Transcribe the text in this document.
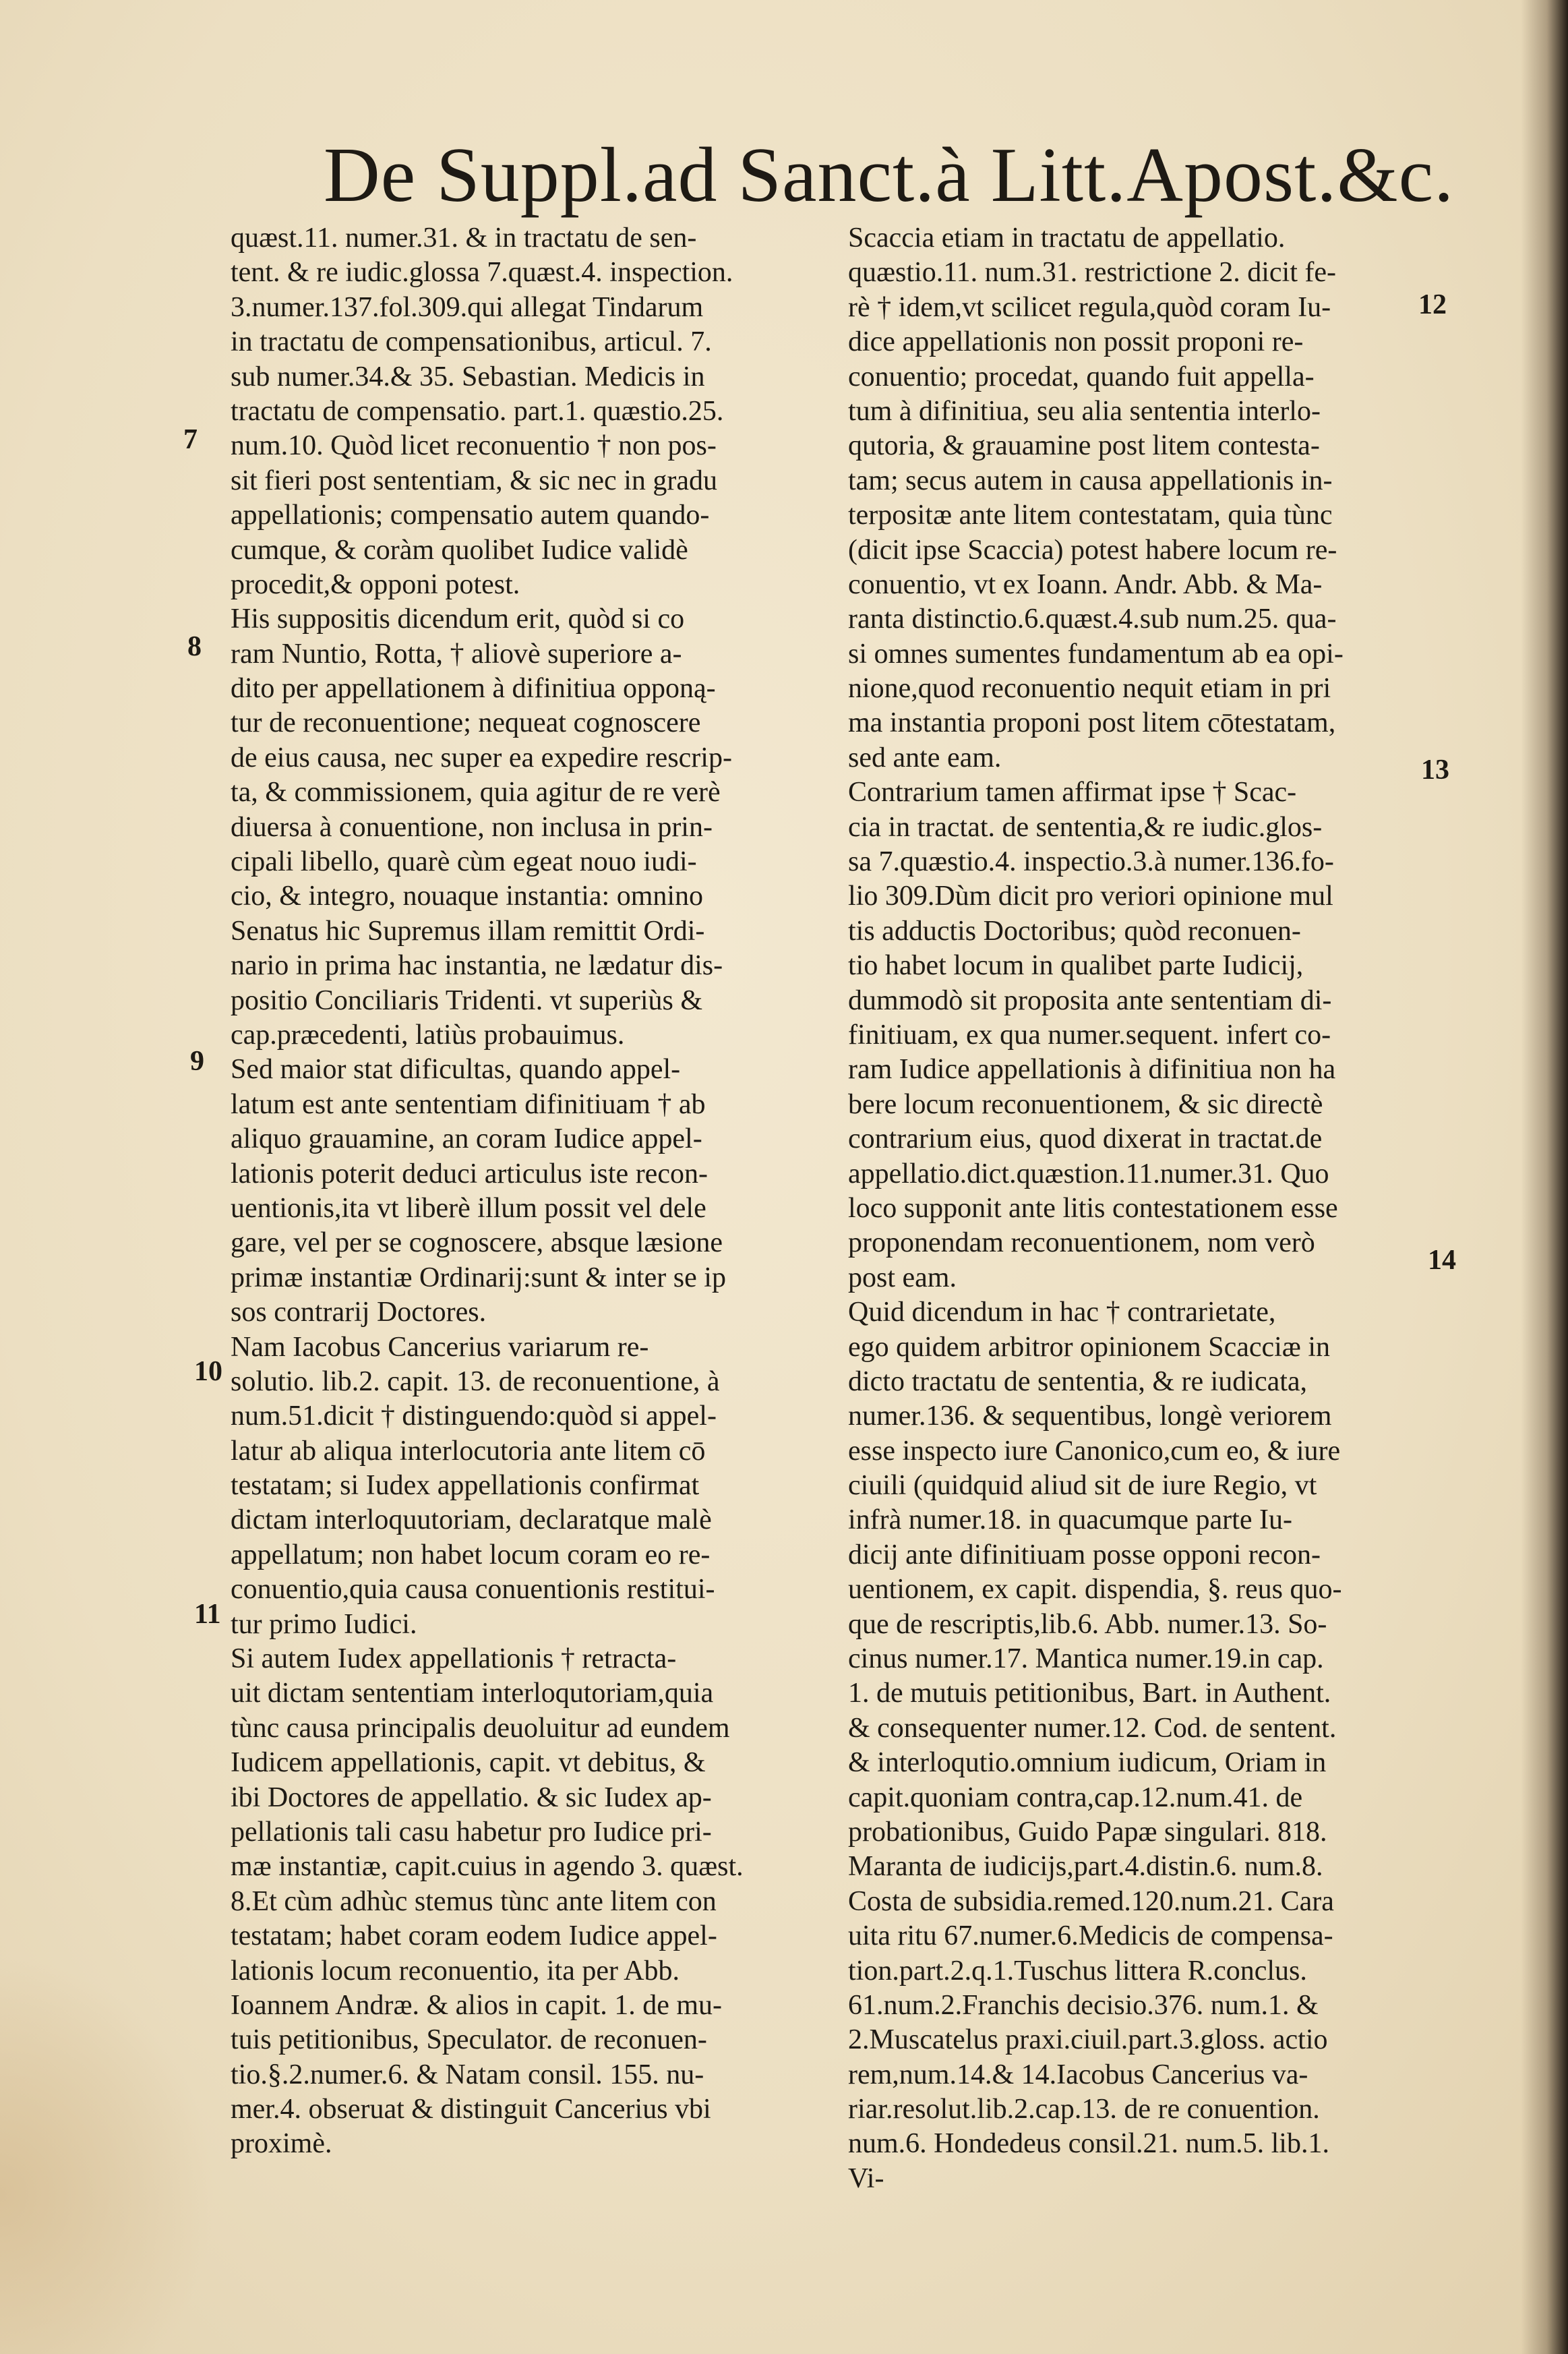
De Suppl.ad Sanct.à Litt.Apost.&c.
quæst.11. numer.31. & in tractatu de sen-
tent. & re iudic.glossa 7.quæst.4. inspection.
3.numer.137.fol.309.qui allegat Tindarum
in tractatu de compensationibus, articul. 7.
sub numer.34.& 35. Sebastian. Medicis in
tractatu de compensatio. part.1. quæstio.25.
num.10. Quòd licet reconuentio † non pos-
sit fieri post sententiam, & sic nec in gradu
appellationis; compensatio autem quando-
cumque, & coràm quolibet Iudice validè
procedit,& opponi potest.
His suppositis dicendum erit, quòd si co
ram Nuntio, Rotta, † aliovè superiore a-
dito per appellationem à difinitiua opponą-
tur de reconuentione; nequeat cognoscere
de eius causa, nec super ea expedire rescrip-
ta, & commissionem, quia agitur de re verè
diuersa à conuentione, non inclusa in prin-
cipali libello, quarè cùm egeat nouo iudi-
cio, & integro, nouaque instantia: omnino
Senatus hic Supremus illam remittit Ordi-
nario in prima hac instantia, ne lædatur dis-
positio Conciliaris Tridenti. vt superiùs &
cap.præcedenti, latiùs probauimus.
Sed maior stat dificultas, quando appel-
latum est ante sententiam difinitiuam † ab
aliquo grauamine, an coram Iudice appel-
lationis poterit deduci articulus iste recon-
uentionis,ita vt liberè illum possit vel dele
gare, vel per se cognoscere, absque læsione
primæ instantiæ Ordinarij:sunt & inter se ip
sos contrarij Doctores.
Nam Iacobus Cancerius variarum re-
solutio. lib.2. capit. 13. de reconuentione, à
num.51.dicit † distinguendo:quòd si appel-
latur ab aliqua interlocutoria ante litem cō
testatam; si Iudex appellationis confirmat
dictam interloquutoriam, declaratque malè
appellatum; non habet locum coram eo re-
conuentio,quia causa conuentionis restitui-
tur primo Iudici.
Si autem Iudex appellationis † retracta-
uit dictam sententiam interloqutoriam,quia
tùnc causa principalis deuoluitur ad eundem
Iudicem appellationis, capit. vt debitus, &
ibi Doctores de appellatio. & sic Iudex ap-
pellationis tali casu habetur pro Iudice pri-
mæ instantiæ, capit.cuius in agendo 3. quæst.
8.Et cùm adhùc stemus tùnc ante litem con
testatam; habet coram eodem Iudice appel-
lationis locum reconuentio, ita per Abb.
Ioannem Andræ. & alios in capit. 1. de mu-
tuis petitionibus, Speculator. de reconuen-
tio.§.2.numer.6. & Natam consil. 155. nu-
mer.4. obseruat & distinguit Cancerius vbi
proximè.
Scaccia etiam in tractatu de appellatio.
quæstio.11. num.31. restrictione 2. dicit fe-
rè † idem,vt scilicet regula,quòd coram Iu-
dice appellationis non possit proponi re-
conuentio; procedat, quando fuit appella-
tum à difinitiua, seu alia sententia interlo-
qutoria, & grauamine post litem contesta-
tam; secus autem in causa appellationis in-
terpositæ ante litem contestatam, quia tùnc
(dicit ipse Scaccia) potest habere locum re-
conuentio, vt ex Ioann. Andr. Abb. & Ma-
ranta distinctio.6.quæst.4.sub num.25. qua-
si omnes sumentes fundamentum ab ea opi-
nione,quod reconuentio nequit etiam in pri
ma instantia proponi post litem cōtestatam,
sed ante eam.
Contrarium tamen affirmat ipse † Scac-
cia in tractat. de sententia,& re iudic.glos-
sa 7.quæstio.4. inspectio.3.à numer.136.fo-
lio 309.Dùm dicit pro veriori opinione mul
tis adductis Doctoribus; quòd reconuen-
tio habet locum in qualibet parte Iudicij,
dummodò sit proposita ante sententiam di-
finitiuam, ex qua numer.sequent. infert co-
ram Iudice appellationis à difinitiua non ha
bere locum reconuentionem, & sic directè
contrarium eius, quod dixerat in tractat.de
appellatio.dict.quæstion.11.numer.31. Quo
loco supponit ante litis contestationem esse
proponendam reconuentionem, nom verò
post eam.
Quid dicendum in hac † contrarietate,
ego quidem arbitror opinionem Scacciæ in
dicto tractatu de sententia, & re iudicata,
numer.136. & sequentibus, longè veriorem
esse inspecto iure Canonico,cum eo, & iure
ciuili (quidquid aliud sit de iure Regio, vt
infrà numer.18. in quacumque parte Iu-
dicij ante difinitiuam posse opponi recon-
uentionem, ex capit. dispendia, §. reus quo-
que de rescriptis,lib.6. Abb. numer.13. So-
cinus numer.17. Mantica numer.19.in cap.
1. de mutuis petitionibus, Bart. in Authent.
& consequenter numer.12. Cod. de sentent.
& interloqutio.omnium iudicum, Oriam in
capit.quoniam contra,cap.12.num.41. de
probationibus, Guido Papæ singulari. 818.
Maranta de iudicijs,part.4.distin.6. num.8.
Costa de subsidia.remed.120.num.21. Cara
uita ritu 67.numer.6.Medicis de compensa-
tion.part.2.q.1.Tuschus littera R.conclus.
61.num.2.Franchis decisio.376. num.1. &
2.Muscatelus praxi.ciuil.part.3.gloss. actio
rem,num.14.& 14.Iacobus Cancerius va-
riar.resolut.lib.2.cap.13. de re conuention.
num.6. Hondedeus consil.21. num.5. lib.1.
Vi-
7
8
9
10
11
12
13
14
